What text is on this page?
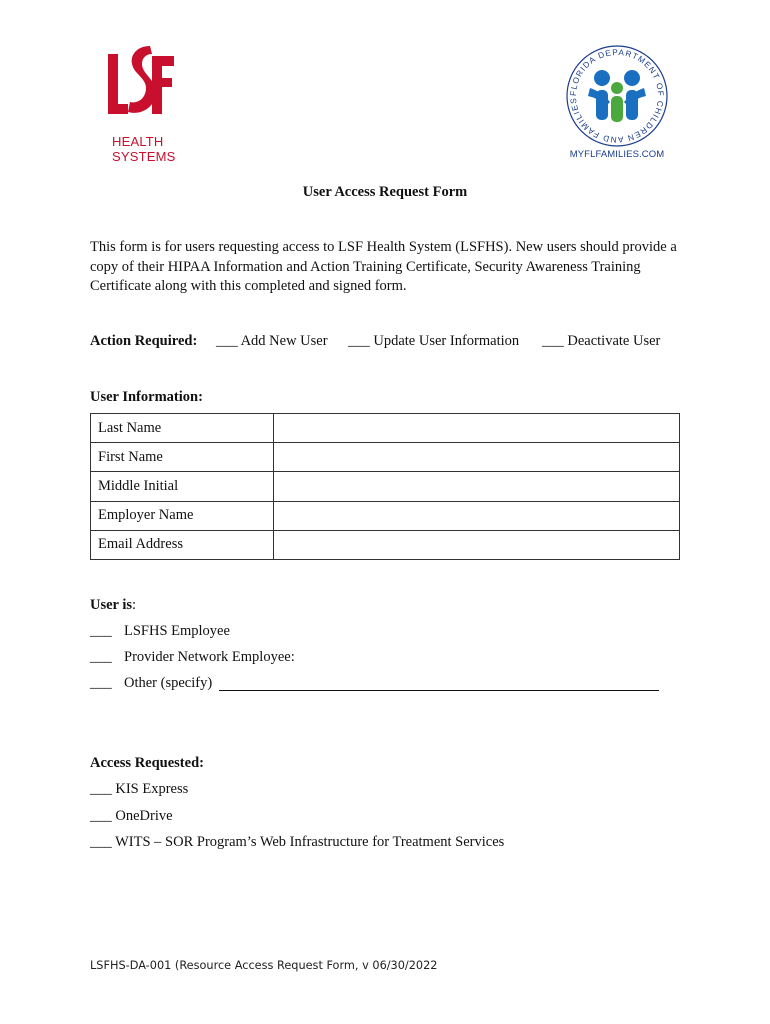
HEALTH
SYSTEMS
FLORIDA DEPARTMENT OF CHILDREN AND FAMILIES
MYFLFAMILIES.COM
User Access Request Form
This form is for users requesting access to LSF Health System (LSFHS). New users should provide a copy of their HIPAA Information and Action Training Certificate, Security Awareness Training Certificate along with this completed and signed form.
Action Required: ___ Add New User ___ Update User Information ___ Deactivate User
User Information:
Last Name	
First Name	
Middle Initial	
Employer Name	
Email Address	
User is:
___ LSFHS Employee
___ Provider Network Employee:
___ Other (specify)
Access Requested:
___ KIS Express
___ OneDrive
___ WITS – SOR Program’s Web Infrastructure for Treatment Services
LSFHS-DA-001 (Resource Access Request Form, v 06/30/2022
